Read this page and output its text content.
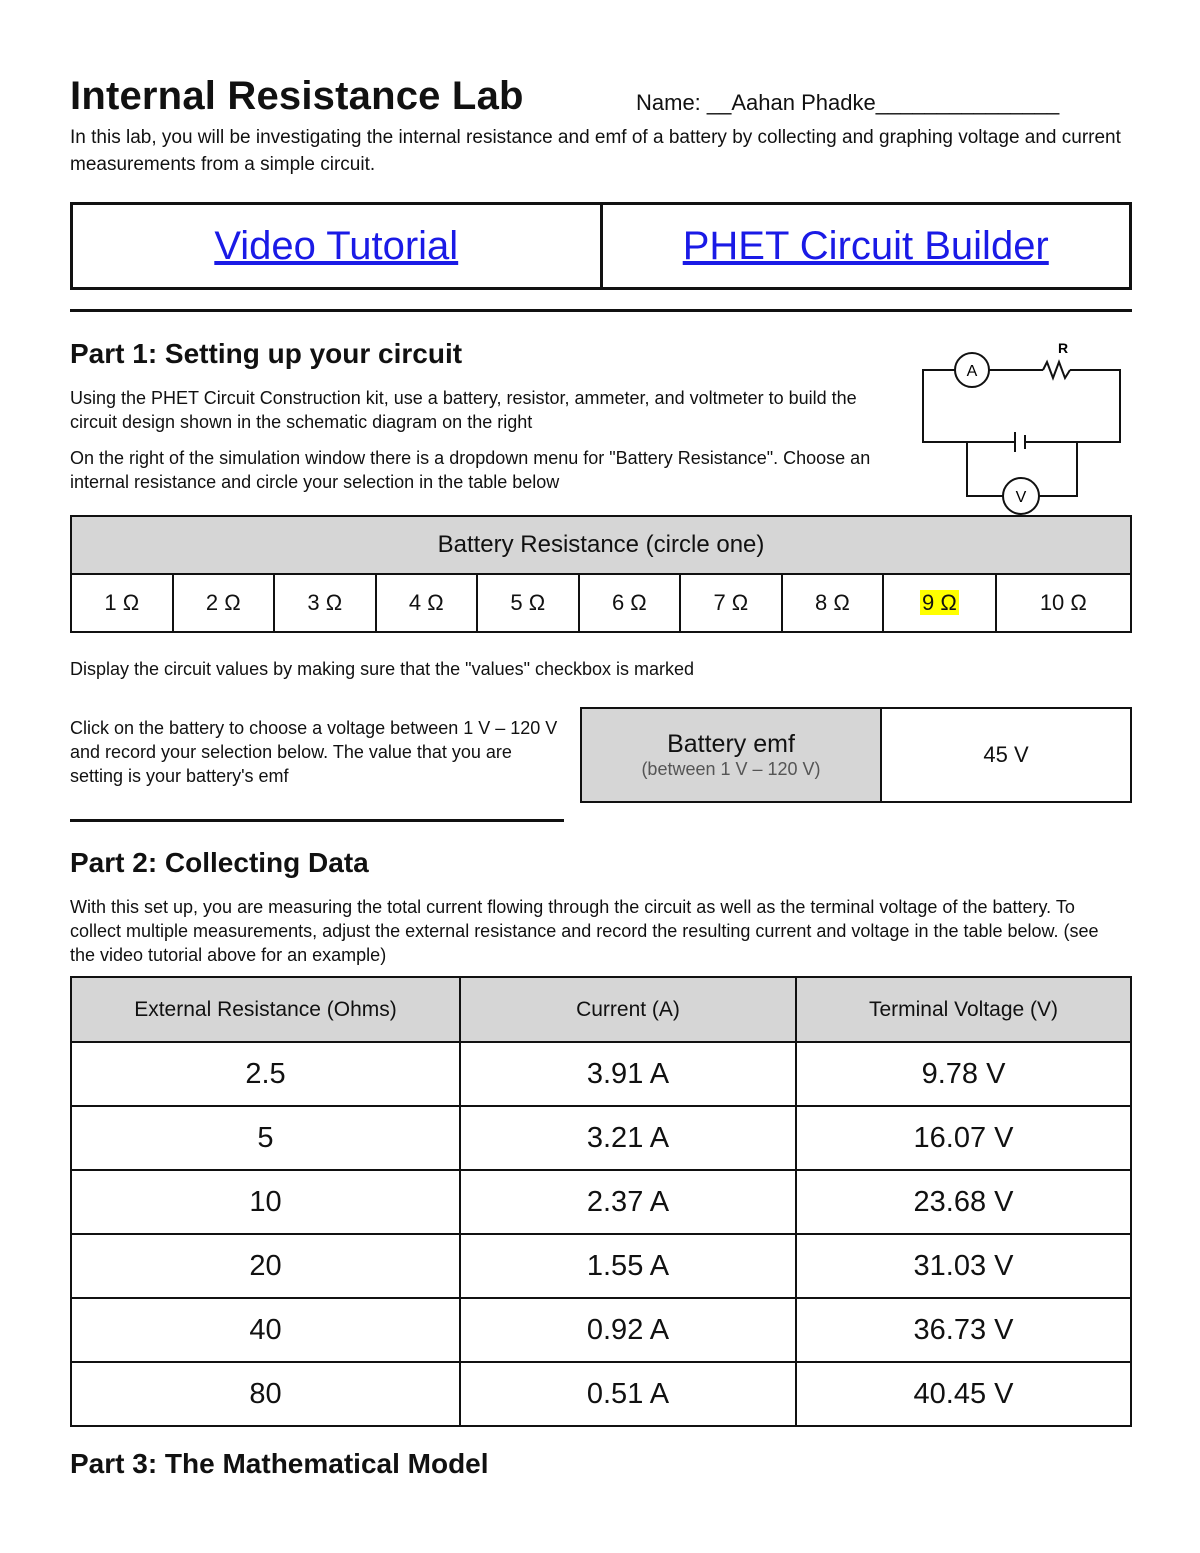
Internal Resistance Lab	Name: __Aahan Phadke_______________
In this lab, you will be investigating the internal resistance and emf of a battery by collecting and graphing voltage and current measurements from a simple circuit.
Video Tutorial	PHET Circuit Builder
Part 1: Setting up your circuit
Using the PHET Circuit Construction kit, use a battery, resistor, ammeter, and voltmeter to build the circuit design shown in the schematic diagram on the right
On the right of the simulation window there is a dropdown menu for "Battery Resistance". Choose an internal resistance and circle your selection in the table below
A
R
V
Battery Resistance (circle one)
1 Ω	2 Ω	3 Ω	4 Ω	5 Ω	6 Ω	7 Ω	8 Ω	9 Ω	10 Ω
Display the circuit values by making sure that the "values" checkbox is marked
Click on the battery to choose a voltage between 1 V – 120 V and record your selection below. The value that you are setting is your battery's emf
Battery emf
(between 1 V – 120 V)
	45 V
Part 2: Collecting Data
With this set up, you are measuring the total current flowing through the circuit as well as the terminal voltage of the battery. To collect multiple measurements, adjust the external resistance and record the resulting current and voltage in the table below. (see the video tutorial above for an example)
External Resistance (Ohms)	Current (A)	Terminal Voltage (V)
2.5	3.91 A	9.78 V
5	3.21 A	16.07 V
10	2.37 A	23.68 V
20	1.55 A	31.03 V
40	0.92 A	36.73 V
80	0.51 A	40.45 V
Part 3: The Mathematical Model
